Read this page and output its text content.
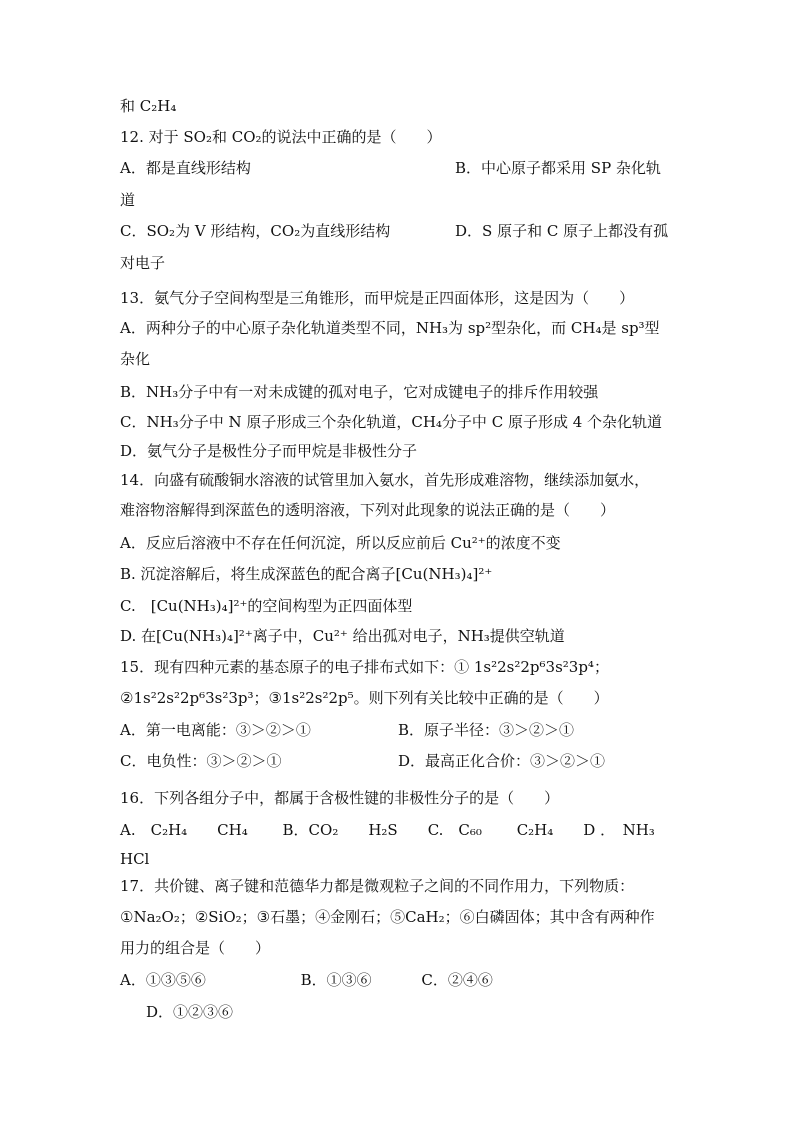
和 C₂H₄
12. 对于 SO₂和 CO₂的说法中正确的是（　　）
A．都是直线形结构	B．中心原子都采用 SP 杂化轨
道
C．SO₂为 V 形结构，CO₂为直线形结构	D．S 原子和 C 原子上都没有孤
对电子
13．氨气分子空间构型是三角锥形，而甲烷是正四面体形，这是因为（　　）
A．两种分子的中心原子杂化轨道类型不同，NH₃为 sp²型杂化，而 CH₄是 sp³型
杂化
B．NH₃分子中有一对未成键的孤对电子，它对成键电子的排斥作用较强
C．NH₃分子中 N 原子形成三个杂化轨道，CH₄分子中 C 原子形成 4 个杂化轨道
D．氨气分子是极性分子而甲烷是非极性分子
14．向盛有硫酸铜水溶液的试管里加入氨水，首先形成难溶物，继续添加氨水，
难溶物溶解得到深蓝色的透明溶液，下列对此现象的说法正确的是（　　）
A．反应后溶液中不存在任何沉淀，所以反应前后 Cu²⁺的浓度不变
B. 沉淀溶解后，将生成深蓝色的配合离子[Cu(NH₃)₄]²⁺
C.　[Cu(NH₃)₄]²⁺的空间构型为正四面体型
D. 在[Cu(NH₃)₄]²⁺离子中，Cu²⁺ 给出孤对电子，NH₃提供空轨道
15．现有四种元素的基态原子的电子排布式如下：① 1s²2s²2p⁶3s²3p⁴；
②1s²2s²2p⁶3s²3p³；③1s²2s²2p⁵。则下列有关比较中正确的是（　　）
A．第一电离能：③＞②＞①	B．原子半径：③＞②＞①
C．电负性：③＞②＞①	D．最高正化合价：③＞②＞①
16．下列各组分子中，都属于含极性键的非极性分子的是（　　）
A.　C₂H₄　　CH₄　　 B．CO₂　　H₂S　　C.　C₆₀　　 C₂H₄　　D ．　NH₃
HCl
17．共价键、离子键和范德华力都是微观粒子之间的不同作用力，下列物质：
①Na₂O₂；②SiO₂；③石墨；④金刚石；⑤CaH₂；⑥白磷固体；其中含有两种作
用力的组合是（　　）
A．①③⑤⑥　　　　　　 B．①③⑥　　　 C．②④⑥
D．①②③⑥
